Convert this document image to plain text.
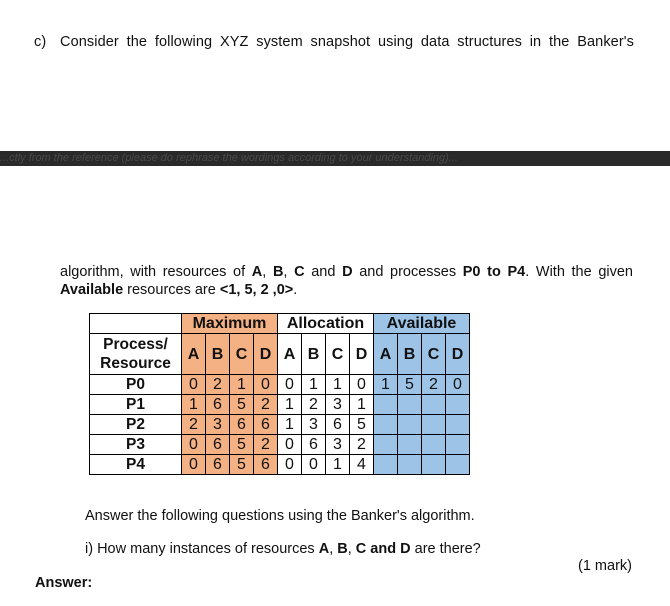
c) Consider the following XYZ system snapshot using data structures in the Banker's
...ctly from the reference (please do rephrase the wordings according to your understanding)...
algorithm, with resources of A, B, C and D and processes P0 to P4. With the given
Available resources are <1, 5, 2 ,0>.
	Maximum				Allocation				Available			
Process/
Resource	A	B	C	D	A	B	C	D	A	B	C	D
P0	0	2	1	0	0	1	1	0	1	5	2	0
P1	1	6	5	2	1	2	3	1				
P2	2	3	6	6	1	3	6	5				
P3	0	6	5	2	0	6	3	2				
P4	0	6	5	6	0	0	1	4				
Answer the following questions using the Banker's algorithm.
i) How many instances of resources A, B, C and D are there?
(1 mark)
Answer:
